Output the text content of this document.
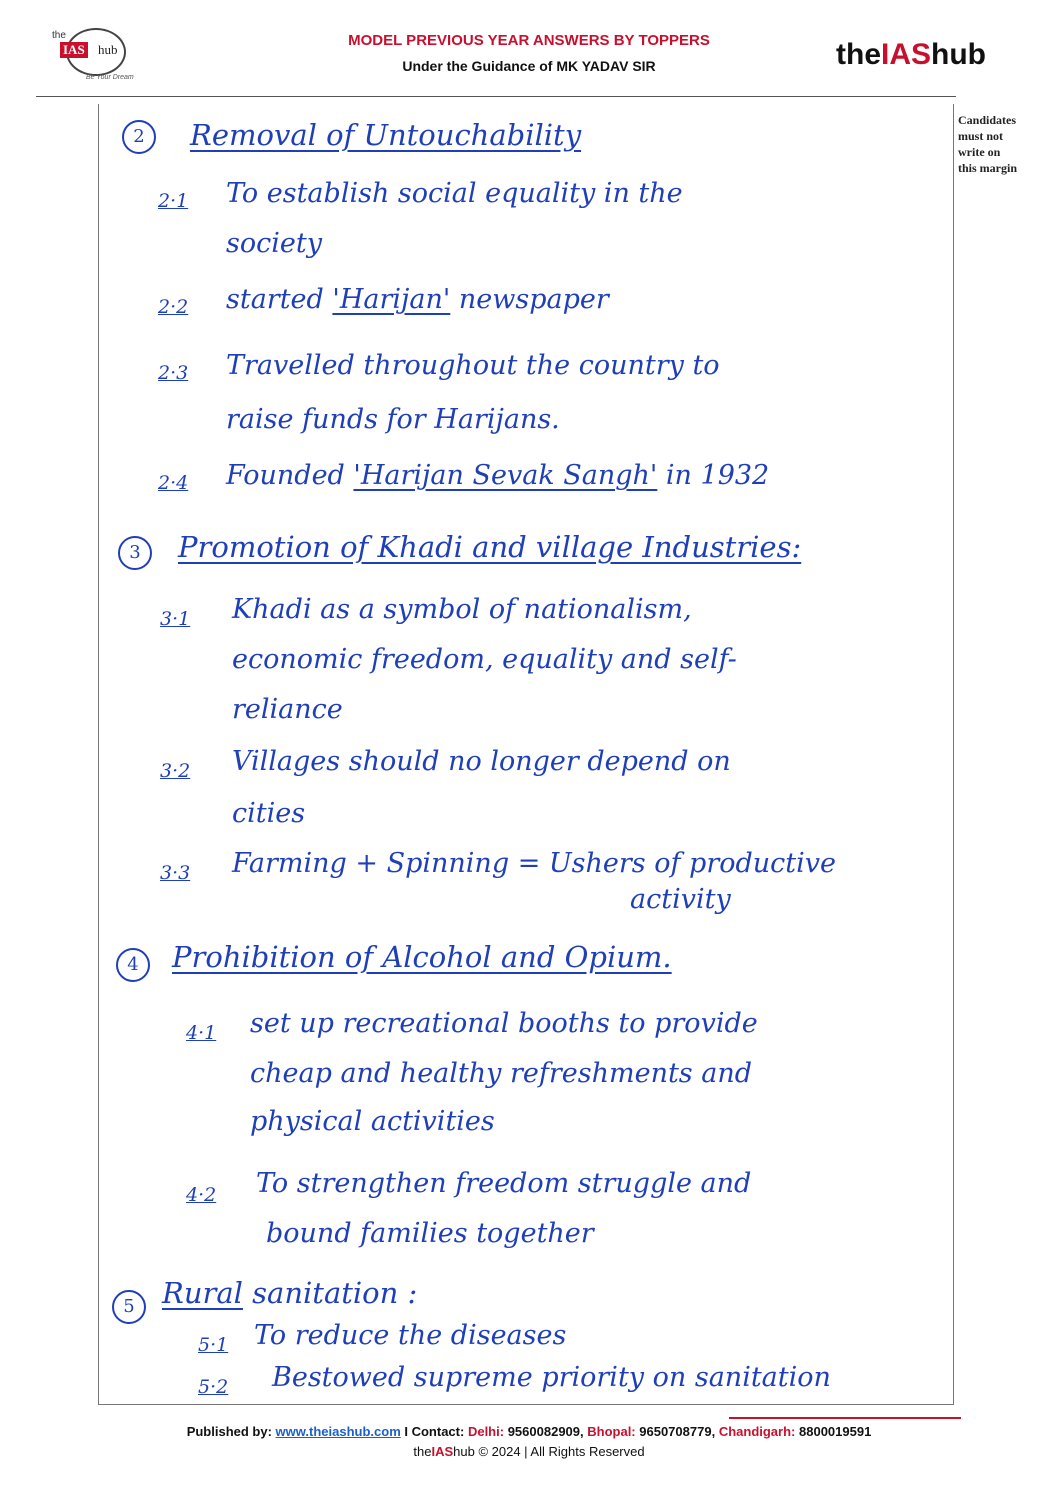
the
IAS hub
Be Your Dream
MODEL PREVIOUS YEAR ANSWERS BY TOPPERS
Under the Guidance of MK YADAV SIR	theIAShub
Candidates
must not
write on
this margin
2	Removal of Untouchability
2·1 To establish social equality in the
society
2·2 started 'Harijan' newspaper
2·3 Travelled throughout the country to
raise funds for Harijans.
2·4 Founded 'Harijan Sevak Sangh' in 1932
3	Promotion of Khadi and village Industries:
3·1 Khadi as a symbol of nationalism,
economic freedom, equality and self-
reliance
3·2 Villages should no longer depend on
cities
3·3 Farming + Spinning = Ushers of productive
activity
4	Prohibition of Alcohol and Opium.
4·1 set up recreational booths to provide
cheap and healthy refreshments and
physical activities
4·2 To strengthen freedom struggle and
bound families together
5 Rural sanitation :
5·1 To reduce the diseases
5·2 Bestowed supreme priority on sanitation
Published by: www.theiashub.com I Contact: Delhi: 9560082909, Bhopal: 9650708779, Chandigarh: 8800019591
theIAShub © 2024 | All Rights Reserved
